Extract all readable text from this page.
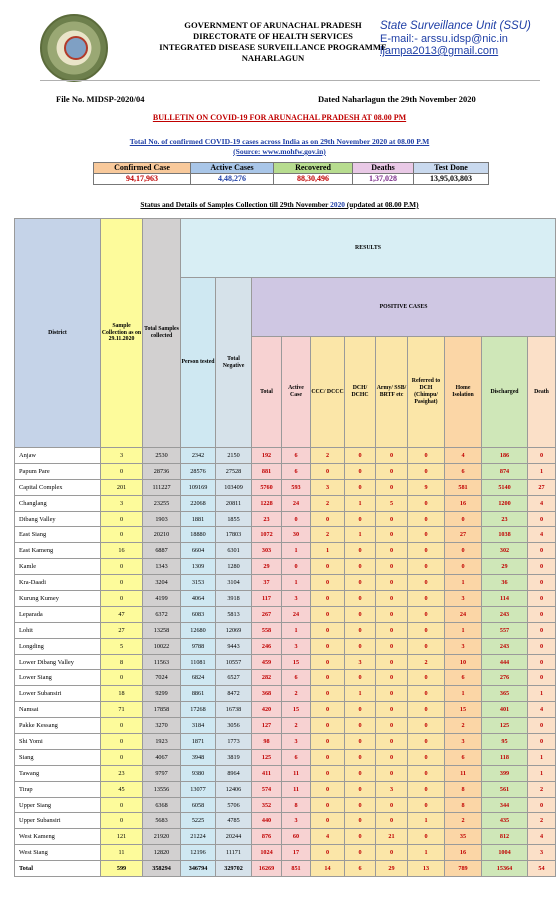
GOVERNMENT OF ARUNACHAL PRADESH
DIRECTORATE OF HEALTH SERVICES
INTEGRATED DISEASE SURVEILLANCE PROGRAMME
NAHARLAGUN
State Surveillance Unit (SSU)
E-mail:- arssu.idsp@nic.in
ljampa2013@gmail.com
File No. MIDSP-2020/04	Dated Naharlagun the 29th November 2020
BULLETIN ON COVID-19 FOR ARUNACHAL PRADESH AT 08.00 PM
Total No. of confirmed COVID-19 cases across India as on 29th November 2020 at 08.00 P.M
(Source: www.mohfw.gov.in)
Confirmed Case	Active Cases	Recovered	Deaths	Test Done
94,17,963	4,48,276	88,30,496	1,37,028	13,95,03,803
Status and Details of Samples Collection till 29th November 2020 (updated at 08.00 P.M)
District	Sample Collection as on 29.11.2020	Total Samples collected	RESULTS										
			Person tested	Total Negative	POSITIVE CASES								
					Total	Active Case	CCC/ DCCC	DCH/ DCHC	Army/ SSB/ BRTF etc	Referred to DCH (Chimpu/ Pasighat)	Home Isolation	Discharged	Death
Anjaw	3	2530	2342	2150	192	6	2	0	0	0	4	186	0
Papum Pare	0	28736	28576	27528	881	6	0	0	0	0	6	874	1
Capital Complex	201	111227	109169	103409	5760	593	3	0	0	9	581	5140	27
Changlang	3	23255	22068	20811	1228	24	2	1	5	0	16	1200	4
Dibang Valley	0	1903	1881	1855	23	0	0	0	0	0	0	23	0
East Siang	0	20210	18880	17803	1072	30	2	1	0	0	27	1038	4
East Kameng	16	6887	6604	6301	303	1	1	0	0	0	0	302	0
Kamle	0	1343	1309	1280	29	0	0	0	0	0	0	29	0
Kra-Daadi	0	3204	3153	3104	37	1	0	0	0	0	1	36	0
Kurung Kumey	0	4199	4064	3918	117	3	0	0	0	0	3	114	0
Leparada	47	6372	6083	5813	267	24	0	0	0	0	24	243	0
Lohit	27	13258	12680	12069	558	1	0	0	0	0	1	557	0
Longding	5	10022	9788	9443	246	3	0	0	0	0	3	243	0
Lower Dibang Valley	8	11563	11081	10557	459	15	0	3	0	2	10	444	0
Lower Siang	0	7024	6824	6527	282	6	0	0	0	0	6	276	0
Lower Subansiri	18	9299	8861	8472	368	2	0	1	0	0	1	365	1
Namsai	71	17858	17268	16738	420	15	0	0	0	0	15	401	4
Pakke Kessang	0	3270	3184	3056	127	2	0	0	0	0	2	125	0
Shi Yomi	0	1923	1871	1773	98	3	0	0	0	0	3	95	0
Siang	0	4067	3948	3819	125	6	0	0	0	0	6	118	1
Tawang	23	9797	9380	8964	411	11	0	0	0	0	11	399	1
Tirap	45	13556	13077	12406	574	11	0	0	3	0	8	561	2
Upper Siang	0	6368	6058	5706	352	8	0	0	0	0	8	344	0
Upper Subansiri	0	5683	5225	4785	440	3	0	0	0	1	2	435	2
West Kameng	121	21920	21224	20244	876	60	4	0	21	0	35	812	4
West Siang	11	12820	12196	11171	1024	17	0	0	0	1	16	1004	3
Total	599	358294	346794	329702	16269	851	14	6	29	13	789	15364	54
